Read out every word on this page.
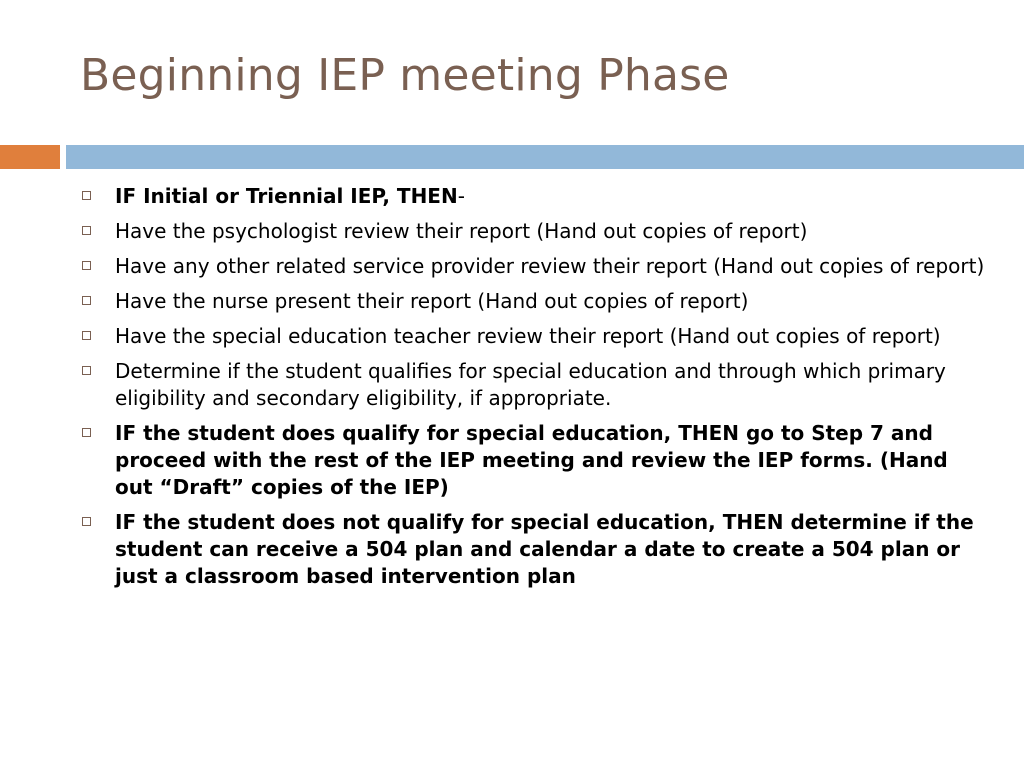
Beginning IEP meeting Phase
IF Initial or Triennial IEP, THEN-
Have the psychologist review their report (Hand out copies of report)
Have any other related service provider review their report (Hand out copies of report)
Have the nurse present their report (Hand out copies of report)
Have the special education teacher review their report (Hand out copies of report)
Determine if the student qualifies for special education and through which primary eligibility and secondary eligibility, if appropriate.
IF the student does qualify for special education, THEN go to Step 7 and proceed with the rest of the IEP meeting and review the IEP forms. (Hand out “Draft” copies of the IEP)
IF the student does not qualify for special education, THEN determine if the student can receive a 504 plan and calendar a date to create a 504 plan or just a classroom based intervention plan
